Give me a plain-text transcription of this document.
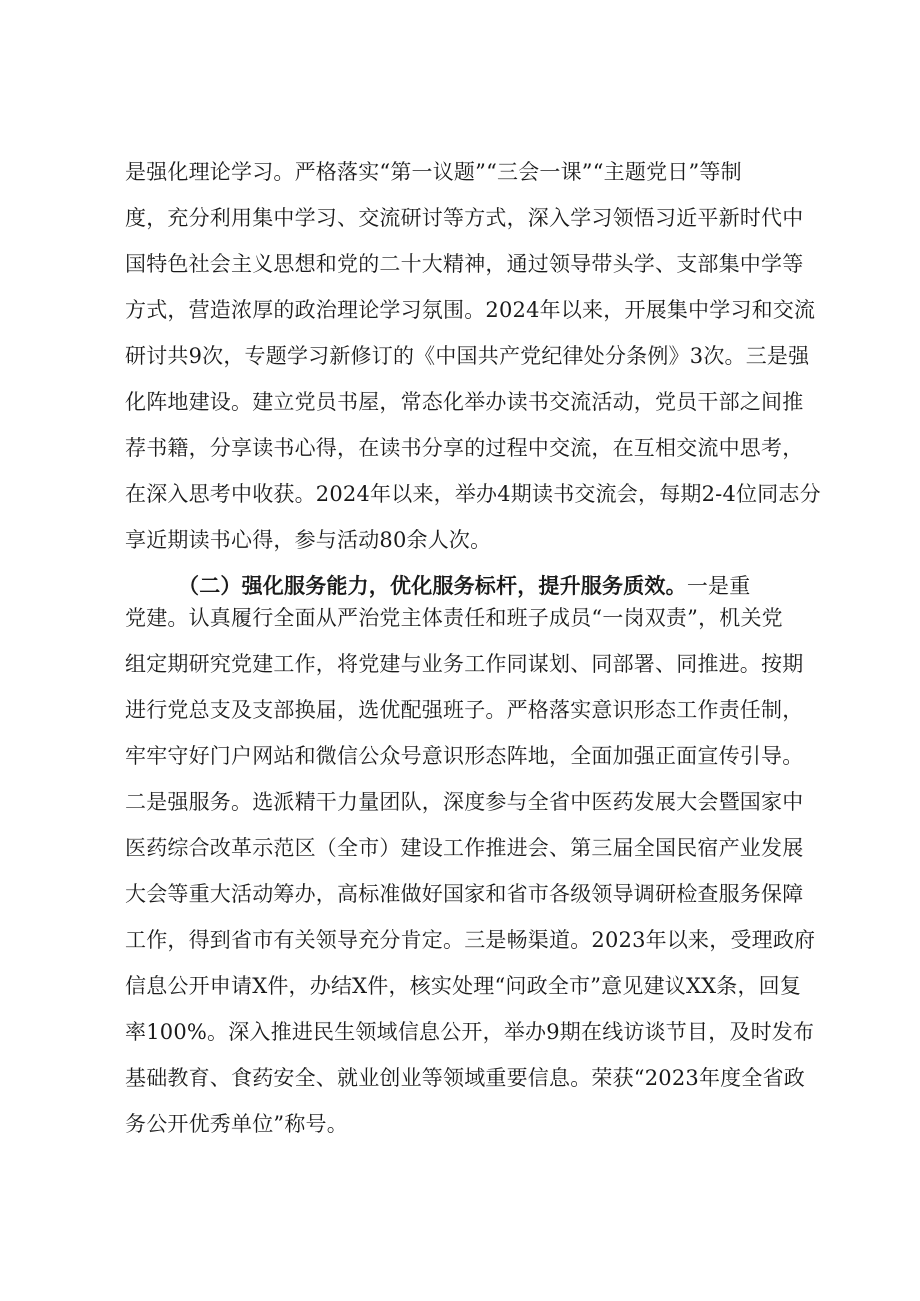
是强化理论学习。严格落实“第一议题”“三会一课”“主题党日”等制
度，充分利用集中学习、交流研讨等方式，深入学习领悟习近平新时代中
国特色社会主义思想和党的二十大精神，通过领导带头学、支部集中学等
方式，营造浓厚的政治理论学习氛围。2024年以来，开展集中学习和交流
研讨共9次，专题学习新修订的《中国共产党纪律处分条例》3次。三是强
化阵地建设。建立党员书屋，常态化举办读书交流活动，党员干部之间推
荐书籍，分享读书心得，在读书分享的过程中交流，在互相交流中思考，
在深入思考中收获。2024年以来，举办4期读书交流会，每期2-4位同志分
享近期读书心得，参与活动80余人次。
（二）强化服务能力，优化服务标杆，提升服务质效。一是重
党建。认真履行全面从严治党主体责任和班子成员“一岗双责”，机关党
组定期研究党建工作，将党建与业务工作同谋划、同部署、同推进。按期
进行党总支及支部换届，选优配强班子。严格落实意识形态工作责任制，
牢牢守好门户网站和微信公众号意识形态阵地，全面加强正面宣传引导。
二是强服务。选派精干力量团队，深度参与全省中医药发展大会暨国家中
医药综合改革示范区（全市）建设工作推进会、第三届全国民宿产业发展
大会等重大活动筹办，高标准做好国家和省市各级领导调研检查服务保障
工作，得到省市有关领导充分肯定。三是畅渠道。2023年以来，受理政府
信息公开申请X件，办结X件，核实处理“问政全市”意见建议XX条，回复
率100%。深入推进民生领域信息公开，举办9期在线访谈节目，及时发布
基础教育、食药安全、就业创业等领域重要信息。荣获“2023年度全省政
务公开优秀单位”称号。
